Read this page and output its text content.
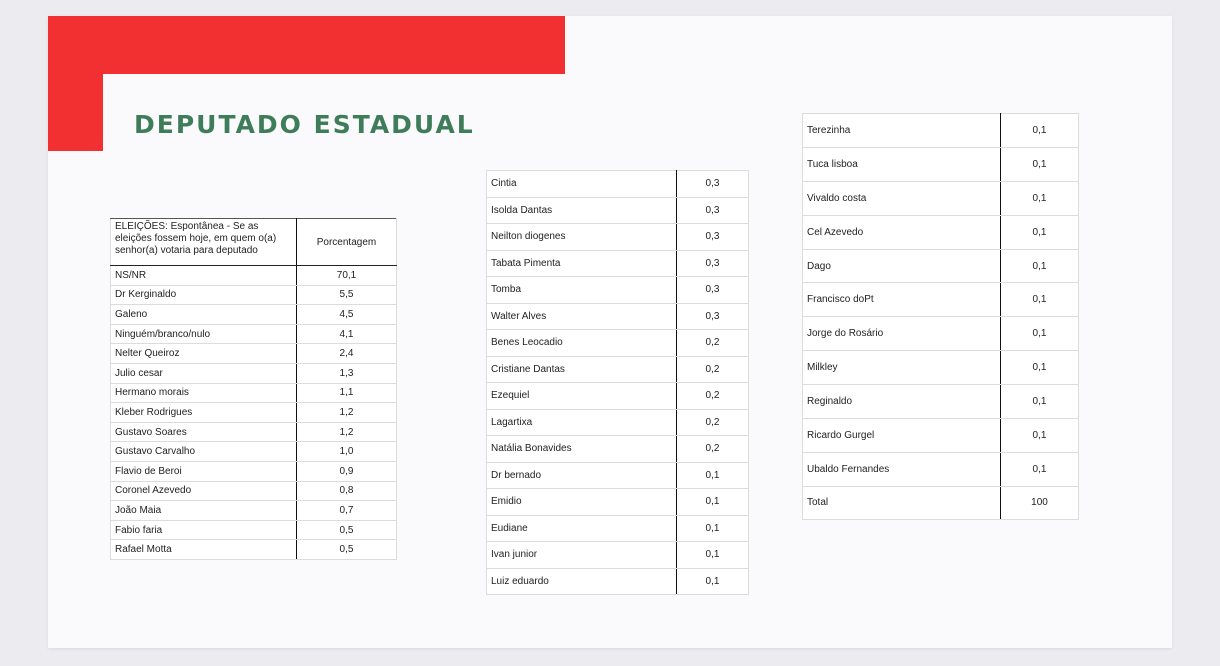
DEPUTADO ESTADUAL
ELEIÇÕES: Espontânea - Se as eleições fossem hoje, em quem o(a) senhor(a) votaria para deputado	Porcentagem
NS/NR	70,1
Dr Kerginaldo	5,5
Galeno	4,5
Ninguém/branco/nulo	4,1
Nelter Queiroz	2,4
Julio cesar	1,3
Hermano morais	1,1
Kleber Rodrigues	1,2
Gustavo Soares	1,2
Gustavo Carvalho	1,0
Flavio de Beroi	0,9
Coronel Azevedo	0,8
João Maia	0,7
Fabio faria	0,5
Rafael Motta	0,5
Cintia	0,3
Isolda Dantas	0,3
Neilton diogenes	0,3
Tabata Pimenta	0,3
Tomba	0,3
Walter Alves	0,3
Benes Leocadio	0,2
Cristiane Dantas	0,2
Ezequiel	0,2
Lagartixa	0,2
Natália Bonavides	0,2
Dr bernado	0,1
Emidio	0,1
Eudiane	0,1
Ivan junior	0,1
Luiz eduardo	0,1
Terezinha	0,1
Tuca lisboa	0,1
Vivaldo costa	0,1
Cel Azevedo	0,1
Dago	0,1
Francisco doPt	0,1
Jorge do Rosário	0,1
Milkley	0,1
Reginaldo	0,1
Ricardo Gurgel	0,1
Ubaldo Fernandes	0,1
Total	100
